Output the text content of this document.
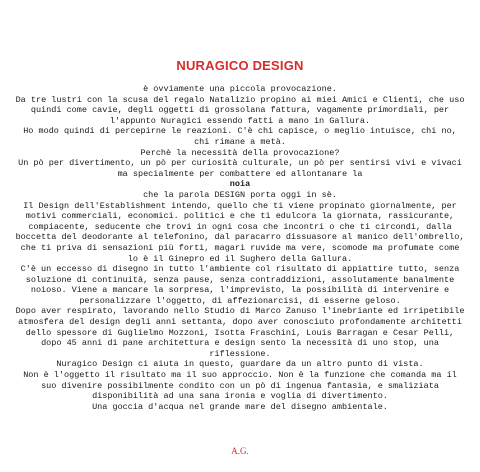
NURAGICO DESIGN

è ovviamente una piccola provocazione.

Da tre lustri con la scusa del regalo Natalizio propino ai miei Amici e Clienti, che uso quindi come cavie, degli oggetti di grossolana fattura, vagamente primordiali, per l'appunto Nuragici essendo fatti a mano in Gallura.

Ho modo quindi di percepirne le reazioni. C'è chi capisce, o meglio intuisce, chi no, chi rimane a metà.

Perchè la necessità della provocazione?

Un pò per divertimento, un pò per curiosità culturale, un pò per sentirsi vivi e vivaci ma specialmente per combattere ed allontanare la

noia

che la parola DESIGN porta oggi in sè.

Il Design dell'Establishment intendo, quello che ti viene propinato giornalmente, per motivi commerciali, economici. politici e che ti edulcora la giornata, rassicurante, compiacente, seducente che trovi in ogni cosa che incontri o che ti circondi, dalla boccetta del deodorante al telefonino, dal paracarro dissuasore al manico dell'ombrello, che ti priva di sensazioni più forti, magari ruvide ma vere, scomode ma profumate come lo è il Ginepro ed il Sughero della Gallura.

C'è un eccesso di disegno in tutto l'ambiente col risultato di appiattire tutto, senza soluzione di continuità, senza pause, senza contraddizioni, assolutamente banalmente noioso. Viene a mancare la sorpresa, l'imprevisto, la possibilità di intervenire e personalizzare l'oggetto, di affezionarcisi, di esserne geloso.

Dopo aver respirato, lavorando nello Studio di Marco Zanuso l'inebriante ed irripetibile atmosfera del design degli anni settanta, dopo aver conosciuto profondamente architetti dello spessore di Guglielmo Mozzoni, Isotta Fraschini, Louis Barragan e Cesar Pelli, dopo 45 anni di pane architettura e design sento la necessità di uno stop, una riflessione.

Nuragico Design ci aiuta in questo, guardare da un altro punto di vista.

Non è l'oggetto il risultato ma il suo approccio. Non è la funzione che comanda ma il suo divenire possibilmente condito con un pò di ingenua fantasia, e smaliziata disponibilità ad una sana ironia e voglia di divertimento.

Una goccia d'acqua nel grande mare del disegno ambientale.

A.G.
